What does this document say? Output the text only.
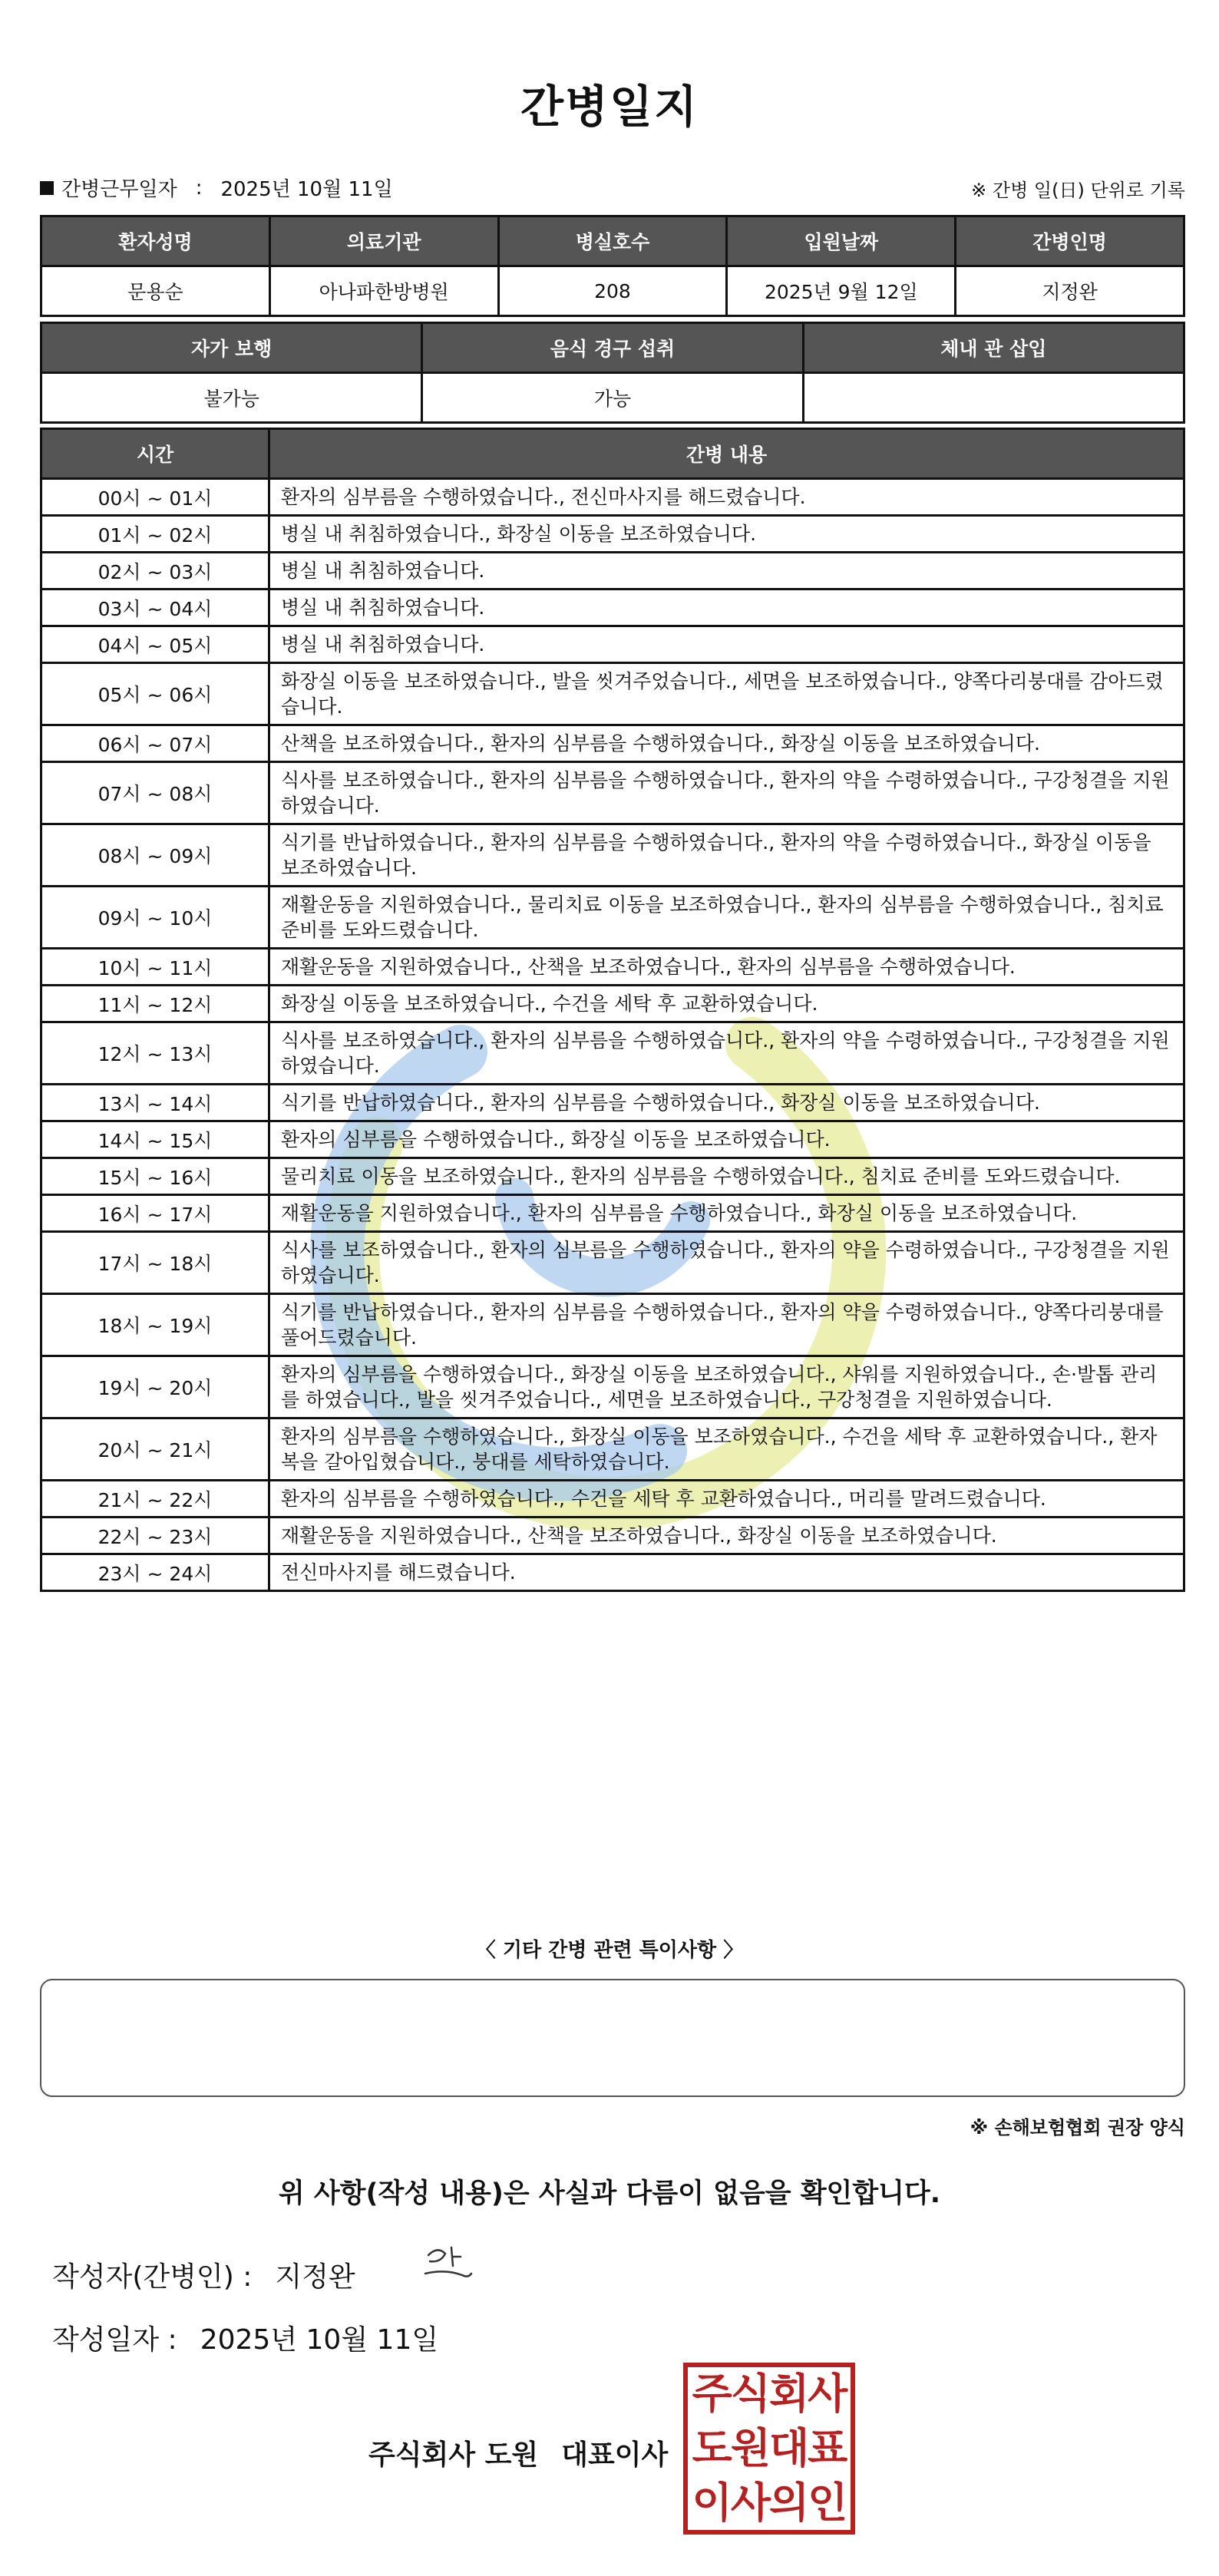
간병일지
간병근무일자 : 2025년 10월 11일	※ 간병 일(日) 단위로 기록
환자성명	의료기관	병실호수	입원날짜	간병인명
문용순	아나파한방병원	208	2025년 9월 12일	지정완
자가 보행	음식 경구 섭취	체내 관 삽입
불가능	가능	
시간	간병 내용
00시 ~ 01시	환자의 심부름을 수행하였습니다., 전신마사지를 해드렸습니다.
01시 ~ 02시	병실 내 취침하였습니다., 화장실 이동을 보조하였습니다.
02시 ~ 03시	병실 내 취침하였습니다.
03시 ~ 04시	병실 내 취침하였습니다.
04시 ~ 05시	병실 내 취침하였습니다.
05시 ~ 06시	화장실 이동을 보조하였습니다., 발을 씻겨주었습니다., 세면을 보조하였습니다., 양쪽다리붕대를 감아드렸습니다.
06시 ~ 07시	산책을 보조하였습니다., 환자의 심부름을 수행하였습니다., 화장실 이동을 보조하였습니다.
07시 ~ 08시	식사를 보조하였습니다., 환자의 심부름을 수행하였습니다., 환자의 약을 수령하였습니다., 구강청결을 지원하였습니다.
08시 ~ 09시	식기를 반납하였습니다., 환자의 심부름을 수행하였습니다., 환자의 약을 수령하였습니다., 화장실 이동을 보조하였습니다.
09시 ~ 10시	재활운동을 지원하였습니다., 물리치료 이동을 보조하였습니다., 환자의 심부름을 수행하였습니다., 침치료 준비를 도와드렸습니다.
10시 ~ 11시	재활운동을 지원하였습니다., 산책을 보조하였습니다., 환자의 심부름을 수행하였습니다.
11시 ~ 12시	화장실 이동을 보조하였습니다., 수건을 세탁 후 교환하였습니다.
12시 ~ 13시	식사를 보조하였습니다., 환자의 심부름을 수행하였습니다., 환자의 약을 수령하였습니다., 구강청결을 지원하였습니다.
13시 ~ 14시	식기를 반납하였습니다., 환자의 심부름을 수행하였습니다., 화장실 이동을 보조하였습니다.
14시 ~ 15시	환자의 심부름을 수행하였습니다., 화장실 이동을 보조하였습니다.
15시 ~ 16시	물리치료 이동을 보조하였습니다., 환자의 심부름을 수행하였습니다., 침치료 준비를 도와드렸습니다.
16시 ~ 17시	재활운동을 지원하였습니다., 환자의 심부름을 수행하였습니다., 화장실 이동을 보조하였습니다.
17시 ~ 18시	식사를 보조하였습니다., 환자의 심부름을 수행하였습니다., 환자의 약을 수령하였습니다., 구강청결을 지원하였습니다.
18시 ~ 19시	식기를 반납하였습니다., 환자의 심부름을 수행하였습니다., 환자의 약을 수령하였습니다., 양쪽다리붕대를 풀어드렸습니다.
19시 ~ 20시	환자의 심부름을 수행하였습니다., 화장실 이동을 보조하였습니다., 샤워를 지원하였습니다., 손·발톱 관리를 하였습니다., 발을 씻겨주었습니다., 세면을 보조하였습니다., 구강청결을 지원하였습니다.
20시 ~ 21시	환자의 심부름을 수행하였습니다., 화장실 이동을 보조하였습니다., 수건을 세탁 후 교환하였습니다., 환자복을 갈아입혔습니다., 붕대를 세탁하였습니다.
21시 ~ 22시	환자의 심부름을 수행하였습니다., 수건을 세탁 후 교환하였습니다., 머리를 말려드렸습니다.
22시 ~ 23시	재활운동을 지원하였습니다., 산책을 보조하였습니다., 화장실 이동을 보조하였습니다.
23시 ~ 24시	전신마사지를 해드렸습니다.
〈 기타 간병 관련 특이사항 〉
※ 손해보험협회 권장 양식
위 사항(작성 내용)은 사실과 다름이 없음을 확인합니다.
작성자(간병인) : 지정완
작성일자 : 2025년 10월 11일
주식회사 도원 대표이사
주식회사
도원대표
이사의인
